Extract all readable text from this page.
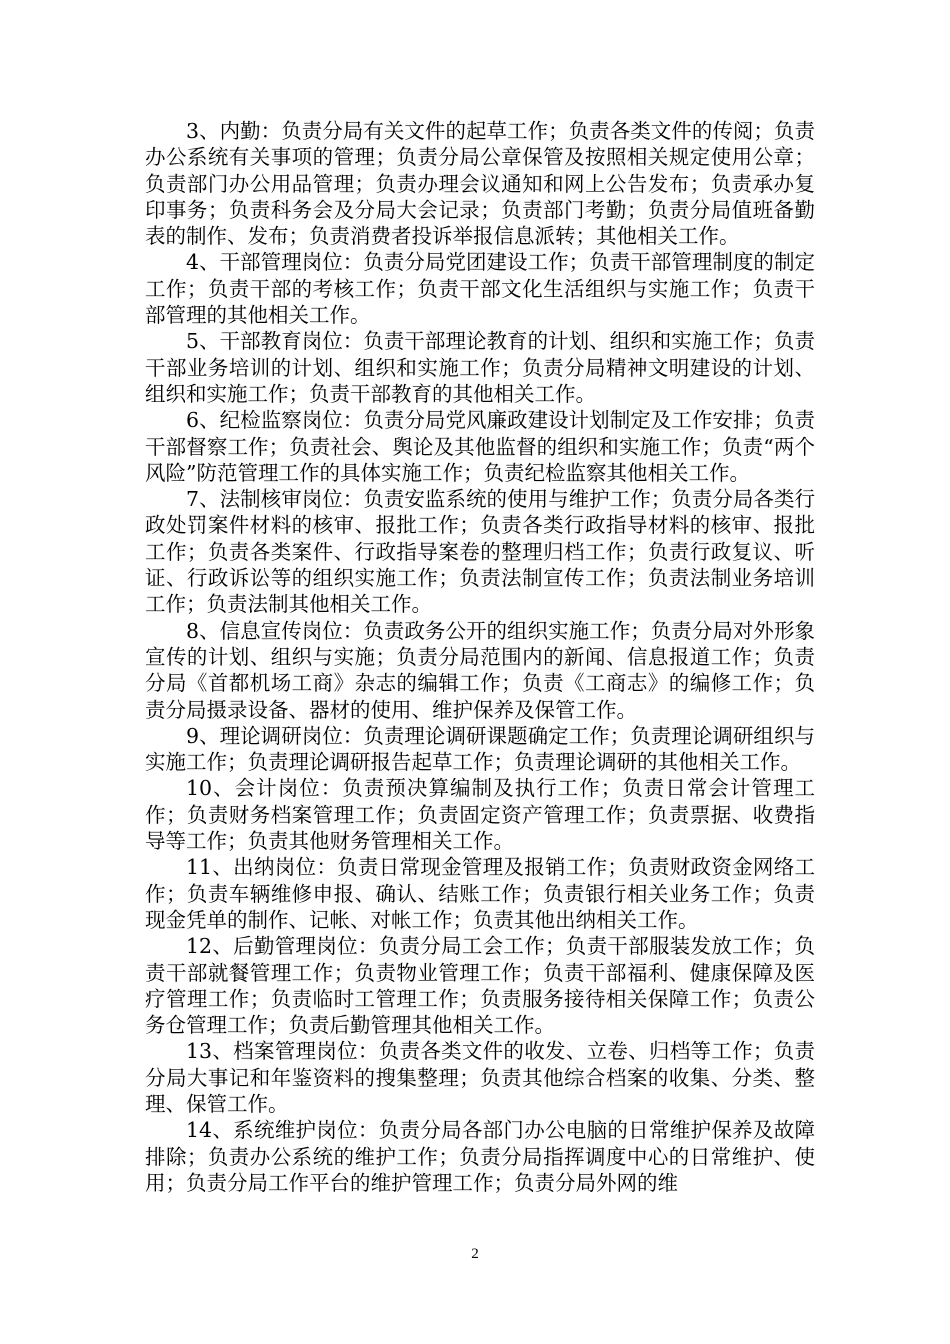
3、内勤：负责分局有关文件的起草工作；负责各类文件的传阅；负责办公系统有关事项的管理；负责分局公章保管及按照相关规定使用公章；负责部门办公用品管理；负责办理会议通知和网上公告发布；负责承办复印事务；负责科务会及分局大会记录；负责部门考勤；负责分局值班备勤表的制作、发布；负责消费者投诉举报信息派转；其他相关工作。

4、干部管理岗位：负责分局党团建设工作；负责干部管理制度的制定工作；负责干部的考核工作；负责干部文化生活组织与实施工作；负责干部管理的其他相关工作。

5、干部教育岗位：负责干部理论教育的计划、组织和实施工作；负责干部业务培训的计划、组织和实施工作；负责分局精神文明建设的计划、组织和实施工作；负责干部教育的其他相关工作。

6、纪检监察岗位：负责分局党风廉政建设计划制定及工作安排；负责干部督察工作；负责社会、舆论及其他监督的组织和实施工作；负责“两个风险”防范管理工作的具体实施工作；负责纪检监察其他相关工作。

7、法制核审岗位：负责安监系统的使用与维护工作；负责分局各类行政处罚案件材料的核审、报批工作；负责各类行政指导材料的核审、报批工作；负责各类案件、行政指导案卷的整理归档工作；负责行政复议、听证、行政诉讼等的组织实施工作；负责法制宣传工作；负责法制业务培训工作；负责法制其他相关工作。

8、信息宣传岗位：负责政务公开的组织实施工作；负责分局对外形象宣传的计划、组织与实施；负责分局范围内的新闻、信息报道工作；负责分局《首都机场工商》杂志的编辑工作；负责《工商志》的编修工作；负责分局摄录设备、器材的使用、维护保养及保管工作。

9、理论调研岗位：负责理论调研课题确定工作；负责理论调研组织与实施工作；负责理论调研报告起草工作；负责理论调研的其他相关工作。

10、会计岗位：负责预决算编制及执行工作；负责日常会计管理工作；负责财务档案管理工作；负责固定资产管理工作；负责票据、收费指导等工作；负责其他财务管理相关工作。

11、出纳岗位：负责日常现金管理及报销工作；负责财政资金网络工作；负责车辆维修申报、确认、结账工作；负责银行相关业务工作；负责现金凭单的制作、记帐、对帐工作；负责其他出纳相关工作。

12、后勤管理岗位：负责分局工会工作；负责干部服装发放工作；负责干部就餐管理工作；负责物业管理工作；负责干部福利、健康保障及医疗管理工作；负责临时工管理工作；负责服务接待相关保障工作；负责公务仓管理工作；负责后勤管理其他相关工作。

13、档案管理岗位：负责各类文件的收发、立卷、归档等工作；负责分局大事记和年鉴资料的搜集整理；负责其他综合档案的收集、分类、整理、保管工作。

14、系统维护岗位：负责分局各部门办公电脑的日常维护保养及故障排除；负责办公系统的维护工作；负责分局指挥调度中心的日常维护、使用；负责分局工作平台的维护管理工作；负责分局外网的维

2
